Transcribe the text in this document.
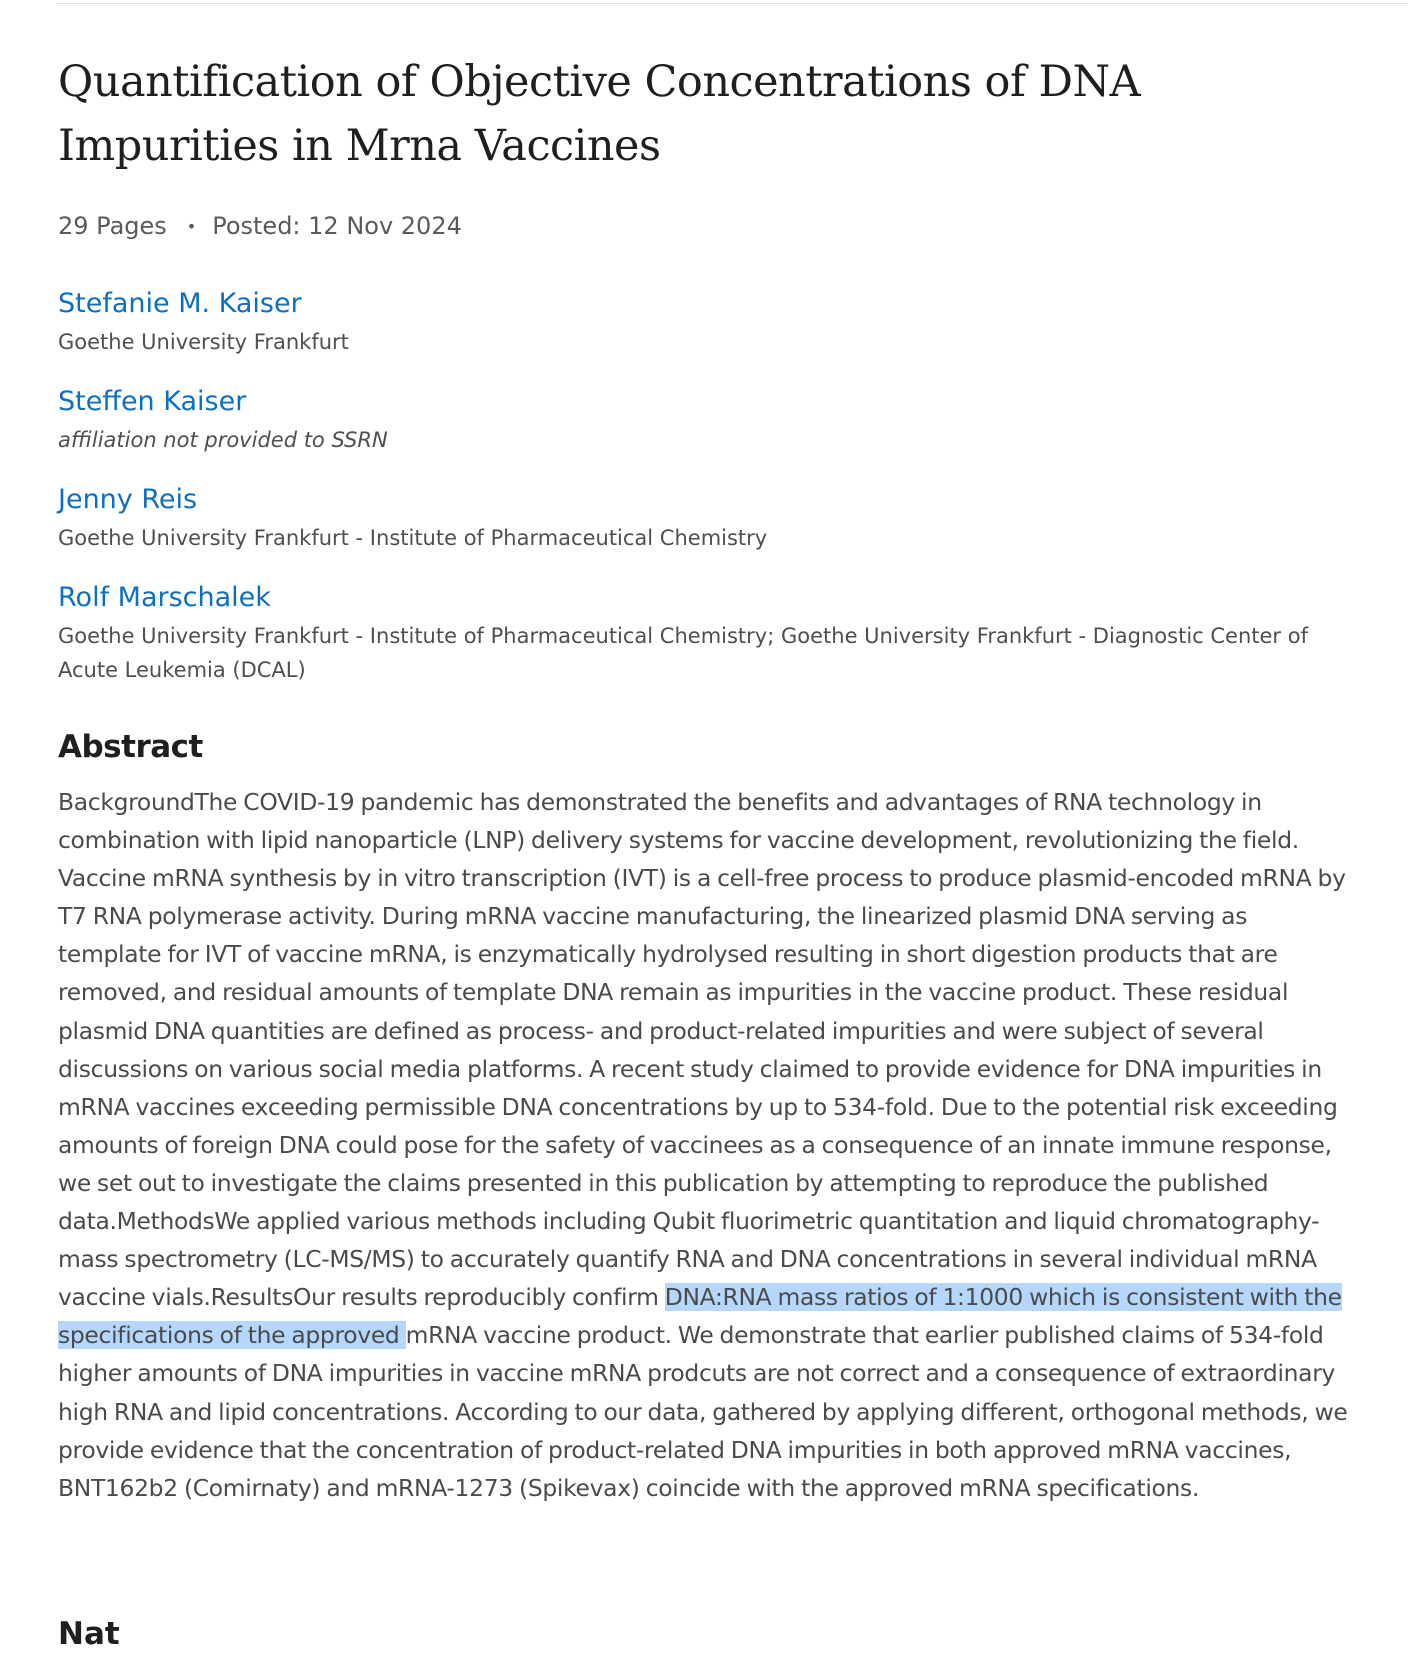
Quantification of Objective Concentrations of DNA Impurities in Mrna Vaccines
29 Pages • Posted: 12 Nov 2024
Stefanie M. Kaiser
Goethe University Frankfurt
Steffen Kaiser
affiliation not provided to SSRN
Jenny Reis
Goethe University Frankfurt - Institute of Pharmaceutical Chemistry
Rolf Marschalek
Goethe University Frankfurt - Institute of Pharmaceutical Chemistry; Goethe University Frankfurt - Diagnostic Center of Acute Leukemia (DCAL)
Abstract
BackgroundThe COVID-19 pandemic has demonstrated the benefits and advantages of RNA technology in combination with lipid nanoparticle (LNP) delivery systems for vaccine development, revolutionizing the field. Vaccine mRNA synthesis by in vitro transcription (IVT) is a cell-free process to produce plasmid-encoded mRNA by T7 RNA polymerase activity. During mRNA vaccine manufacturing, the linearized plasmid DNA serving as template for IVT of vaccine mRNA, is enzymatically hydrolysed resulting in short digestion products that are removed, and residual amounts of template DNA remain as impurities in the vaccine product. These residual plasmid DNA quantities are defined as process- and product-related impurities and were subject of several discussions on various social media platforms. A recent study claimed to provide evidence for DNA impurities in mRNA vaccines exceeding permissible DNA concentrations by up to 534-fold. Due to the potential risk exceeding amounts of foreign DNA could pose for the safety of vaccinees as a consequence of an innate immune response, we set out to investigate the claims presented in this publication by attempting to reproduce the published data.MethodsWe applied various methods including Qubit fluorimetric quantitation and liquid chromatography-mass spectrometry (LC-MS/MS) to accurately quantify RNA and DNA concentrations in several individual mRNA vaccine vials.ResultsOur results reproducibly confirm DNA:RNA mass ratios of 1:1000 which is consistent with the specifications of the approved mRNA vaccine product. We demonstrate that earlier published claims of 534-fold higher amounts of DNA impurities in vaccine mRNA prodcuts are not correct and a consequence of extraordinary high RNA and lipid concentrations. According to our data, gathered by applying different, orthogonal methods, we provide evidence that the concentration of product-related DNA impurities in both approved mRNA vaccines, BNT162b2 (Comirnaty) and mRNA-1273 (Spikevax) coincide with the approved mRNA specifications.
Nat
